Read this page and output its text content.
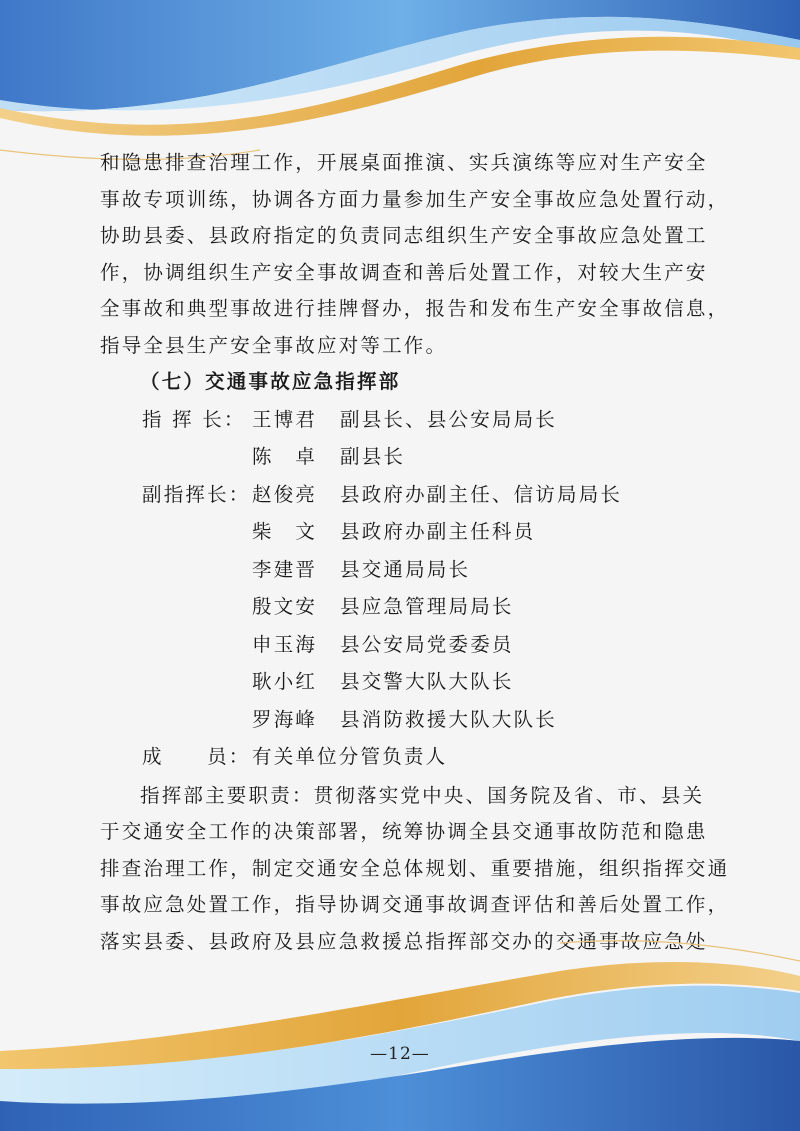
和隐患排查治理工作，开展桌面推演、实兵演练等应对生产安全
事故专项训练，协调各方面力量参加生产安全事故应急处置行动，
协助县委、县政府指定的负责同志组织生产安全事故应急处置工
作，协调组织生产安全事故调查和善后处置工作，对较大生产安
全事故和典型事故进行挂牌督办，报告和发布生产安全事故信息，
指导全县生产安全事故应对等工作。
（七）交通事故应急指挥部
指 挥 长： 王博君	副县长、县公安局局长
陈　卓	副县长
副指挥长： 赵俊亮	县政府办副主任、信访局局长
柴　文	县政府办副主任科员
李建晋	县交通局局长
殷文安	县应急管理局局长
申玉海	县公安局党委委员
耿小红	县交警大队大队长
罗海峰	县消防救援大队大队长
成　　员： 有关单位分管负责人
指挥部主要职责：贯彻落实党中央、国务院及省、市、县关
于交通安全工作的决策部署，统筹协调全县交通事故防范和隐患
排查治理工作，制定交通安全总体规划、重要措施，组织指挥交通
事故应急处置工作，指导协调交通事故调查评估和善后处置工作，
落实县委、县政府及县应急救援总指挥部交办的交通事故应急处
—12—
